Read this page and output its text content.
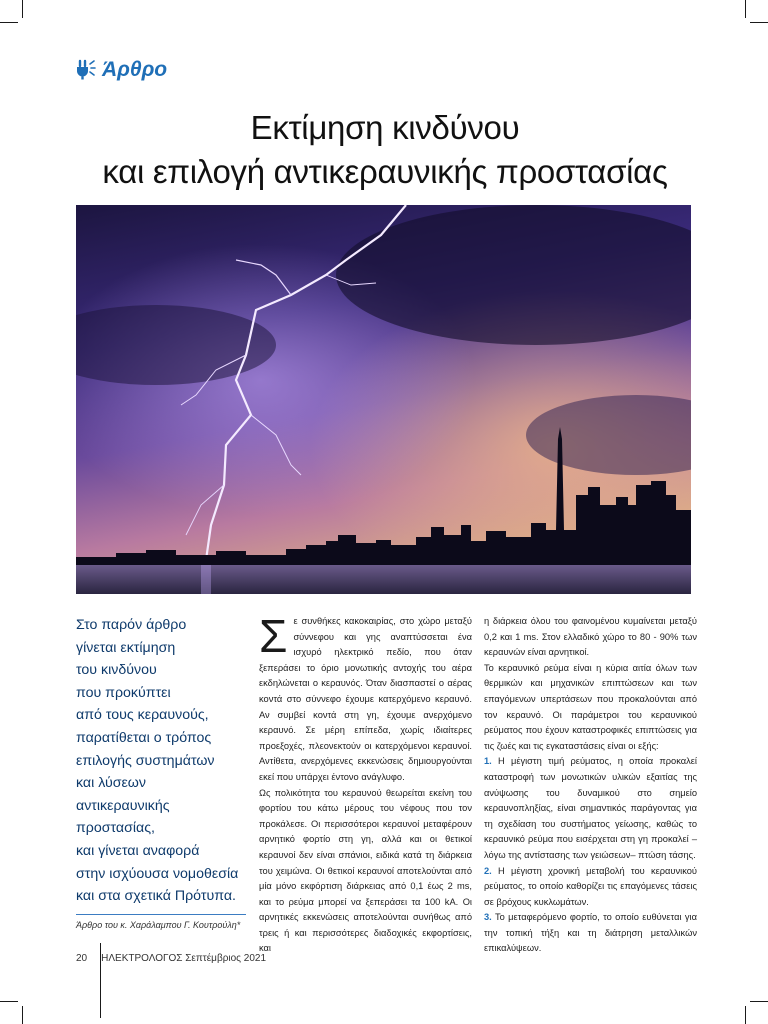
Άρθρο
Εκτίμηση κινδύνου
και επιλογή αντικεραυνικής προστασίας
Στο παρόν άρθρο
γίνεται εκτίμηση
του κινδύνου
που προκύπτει
από τους κεραυνούς,
παρατίθεται ο τρόπος
επιλογής συστημάτων
και λύσεων
αντικεραυνικής
προστασίας,
και γίνεται αναφορά
στην ισχύουσα νομοθεσία
και στα σχετικά Πρότυπα.
Άρθρο του κ. Χαράλαμπου Γ. Κουτρούλη*
Σ ε συνθήκες κακοκαιρίας, στο χώρο μεταξύ σύννεφου και γης αναπτύσσεται ένα ισχυρό ηλεκτρικό πεδίο, που όταν ξεπεράσει το όριο μονωτικής αντοχής του αέρα εκδηλώνεται ο κεραυνός. Όταν διασπαστεί ο αέρας κοντά στο σύννεφο έχουμε κατερχόμενο κεραυνό. Αν συμβεί κοντά στη γη, έχουμε ανερχόμενο κεραυνό. Σε μέρη επίπεδα, χωρίς ιδιαίτερες προεξοχές, πλεονεκτούν οι κατερχόμενοι κεραυνοί. Αντίθετα, ανερχόμενες εκκενώσεις δημιουργούνται εκεί που υπάρχει έντονο ανάγλυφο.

Ως πολικότητα του κεραυνού θεωρείται εκείνη του φορτίου του κάτω μέρους του νέφους που τον προκάλεσε. Οι περισσότεροι κεραυνοί μεταφέρουν αρνητικό φορτίο στη γη, αλλά και οι θετικοί κεραυνοί δεν είναι σπάνιοι, ειδικά κατά τη διάρκεια του χειμώνα. Οι θετικοί κεραυνοί αποτελούνται από μία μόνο εκφόρτιση διάρκειας από 0,1 έως 2 ms, και το ρεύμα μπορεί να ξεπεράσει τα 100 kA. Οι αρνητικές εκκενώσεις αποτελούνται συνήθως από τρεις ή και περισσότερες διαδοχικές εκφορτίσεις, και

η διάρκεια όλου του φαινομένου κυμαίνεται μεταξύ 0,2 και 1 ms. Στον ελλαδικό χώρο το 80 - 90% των κεραυνών είναι αρνητικοί.

Το κεραυνικό ρεύμα είναι η κύρια αιτία όλων των θερμικών και μηχανικών επιπτώσεων και των επαγόμενων υπερτάσεων που προκαλούνται από τον κεραυνό. Οι παράμετροι του κεραυνικού ρεύματος που έχουν καταστροφικές επιπτώσεις για τις ζωές και τις εγκαταστάσεις είναι οι εξής:

1. Η μέγιστη τιμή ρεύματος, η οποία προκαλεί καταστροφή των μονωτικών υλικών εξαιτίας της ανύψωσης του δυναμικού στο σημείο κεραυνοπληξίας, είναι σημαντικός παράγοντας για τη σχεδίαση του συστήματος γείωσης, καθώς το κεραυνικό ρεύμα που εισέρχεται στη γη προκαλεί –λόγω της αντίστασης των γειώσεων– πτώση τάσης.

2. Η μέγιστη χρονική μεταβολή του κεραυνικού ρεύματος, το οποίο καθορίζει τις επαγόμενες τάσεις σε βρόχους κυκλωμάτων.

3. Το μεταφερόμενο φορτίο, το οποίο ευθύνεται για την τοπική τήξη και τη διάτρηση μεταλλικών επικαλύψεων.

20 ΗΛΕΚΤΡΟΛΟΓΟΣ Σεπτέμβριος 2021
